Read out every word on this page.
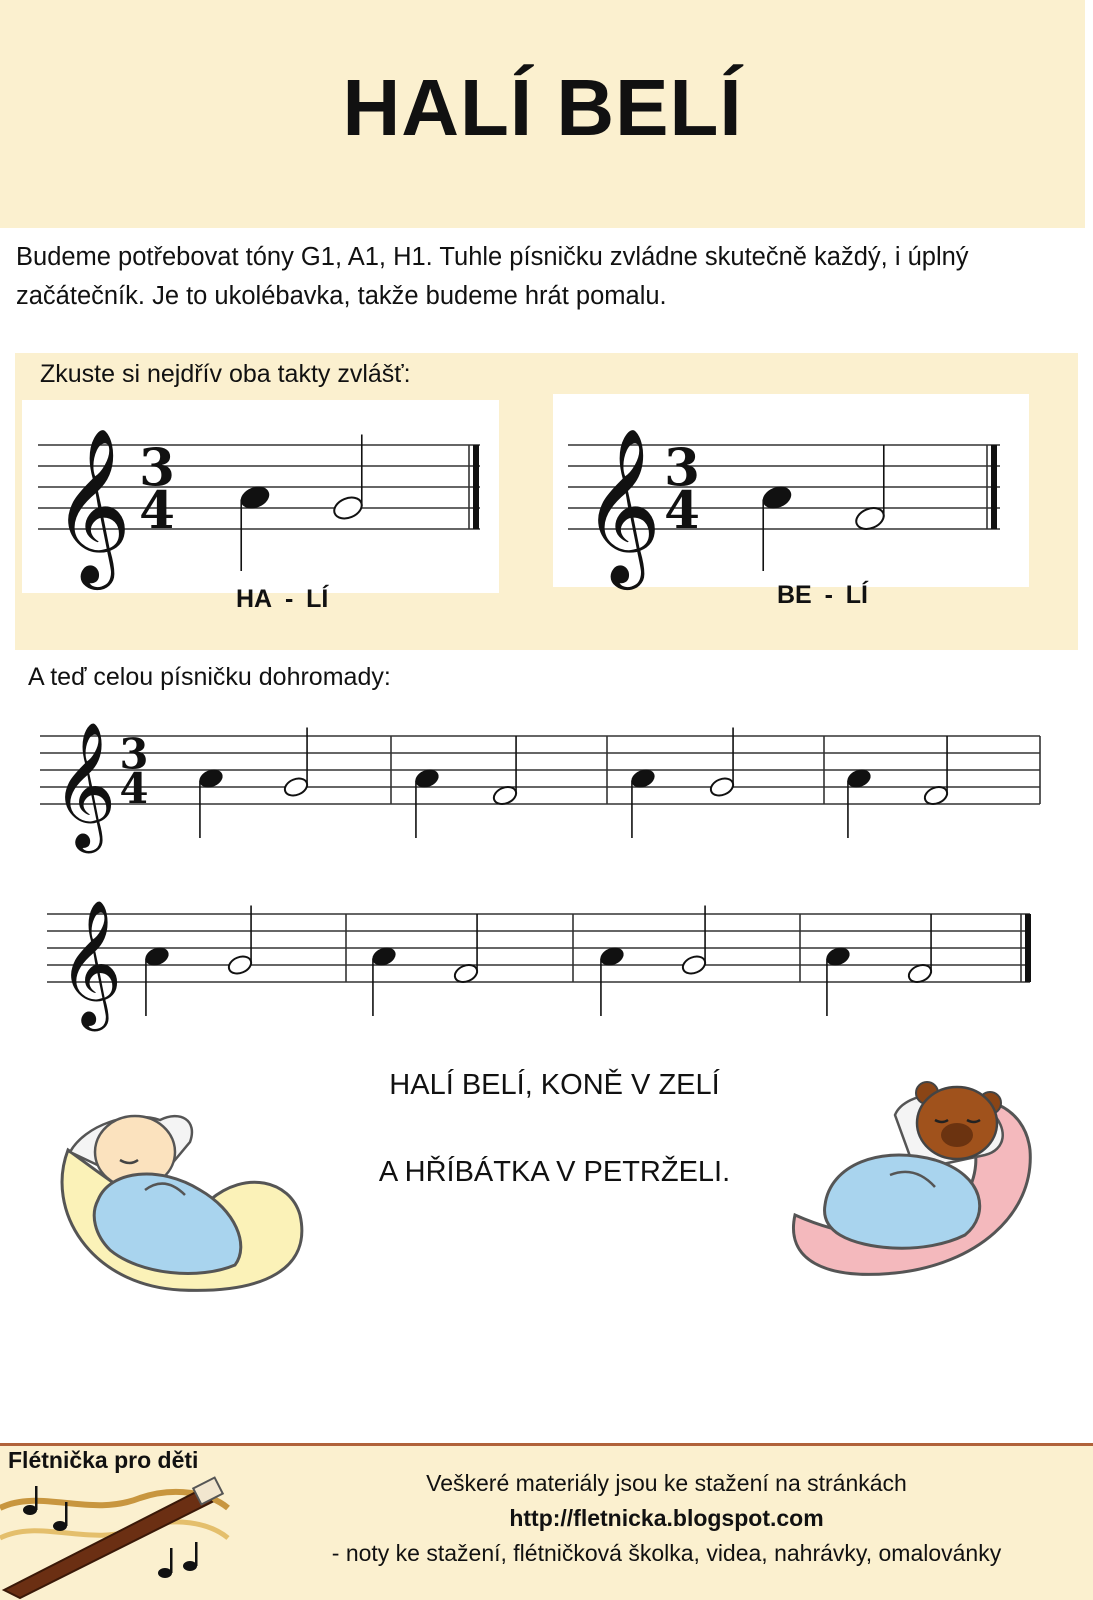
HALÍ BELÍ
Budeme potřebovat tóny G1, A1, H1. Tuhle písničku zvládne skutečně každý, i úplný začátečník. Je to ukolébavka, takže budeme hrát pomalu.
Zkuste si nejdřív oba takty zvlášť:
𝄞 3
4	𝄞 3
4
HA - LÍ	BE - LÍ
A teď celou písničku dohromady:
𝄞 3
4
𝄞
HALÍ BELÍ, KONĚ V ZELÍ
A HŘÍBÁTKA V PETRŽELI.
Flétnička pro děti
Veškeré materiály jsou ke stažení na stránkách
http://fletnicka.blogspot.com
- noty ke stažení, flétničková školka, videa, nahrávky, omalovánky
